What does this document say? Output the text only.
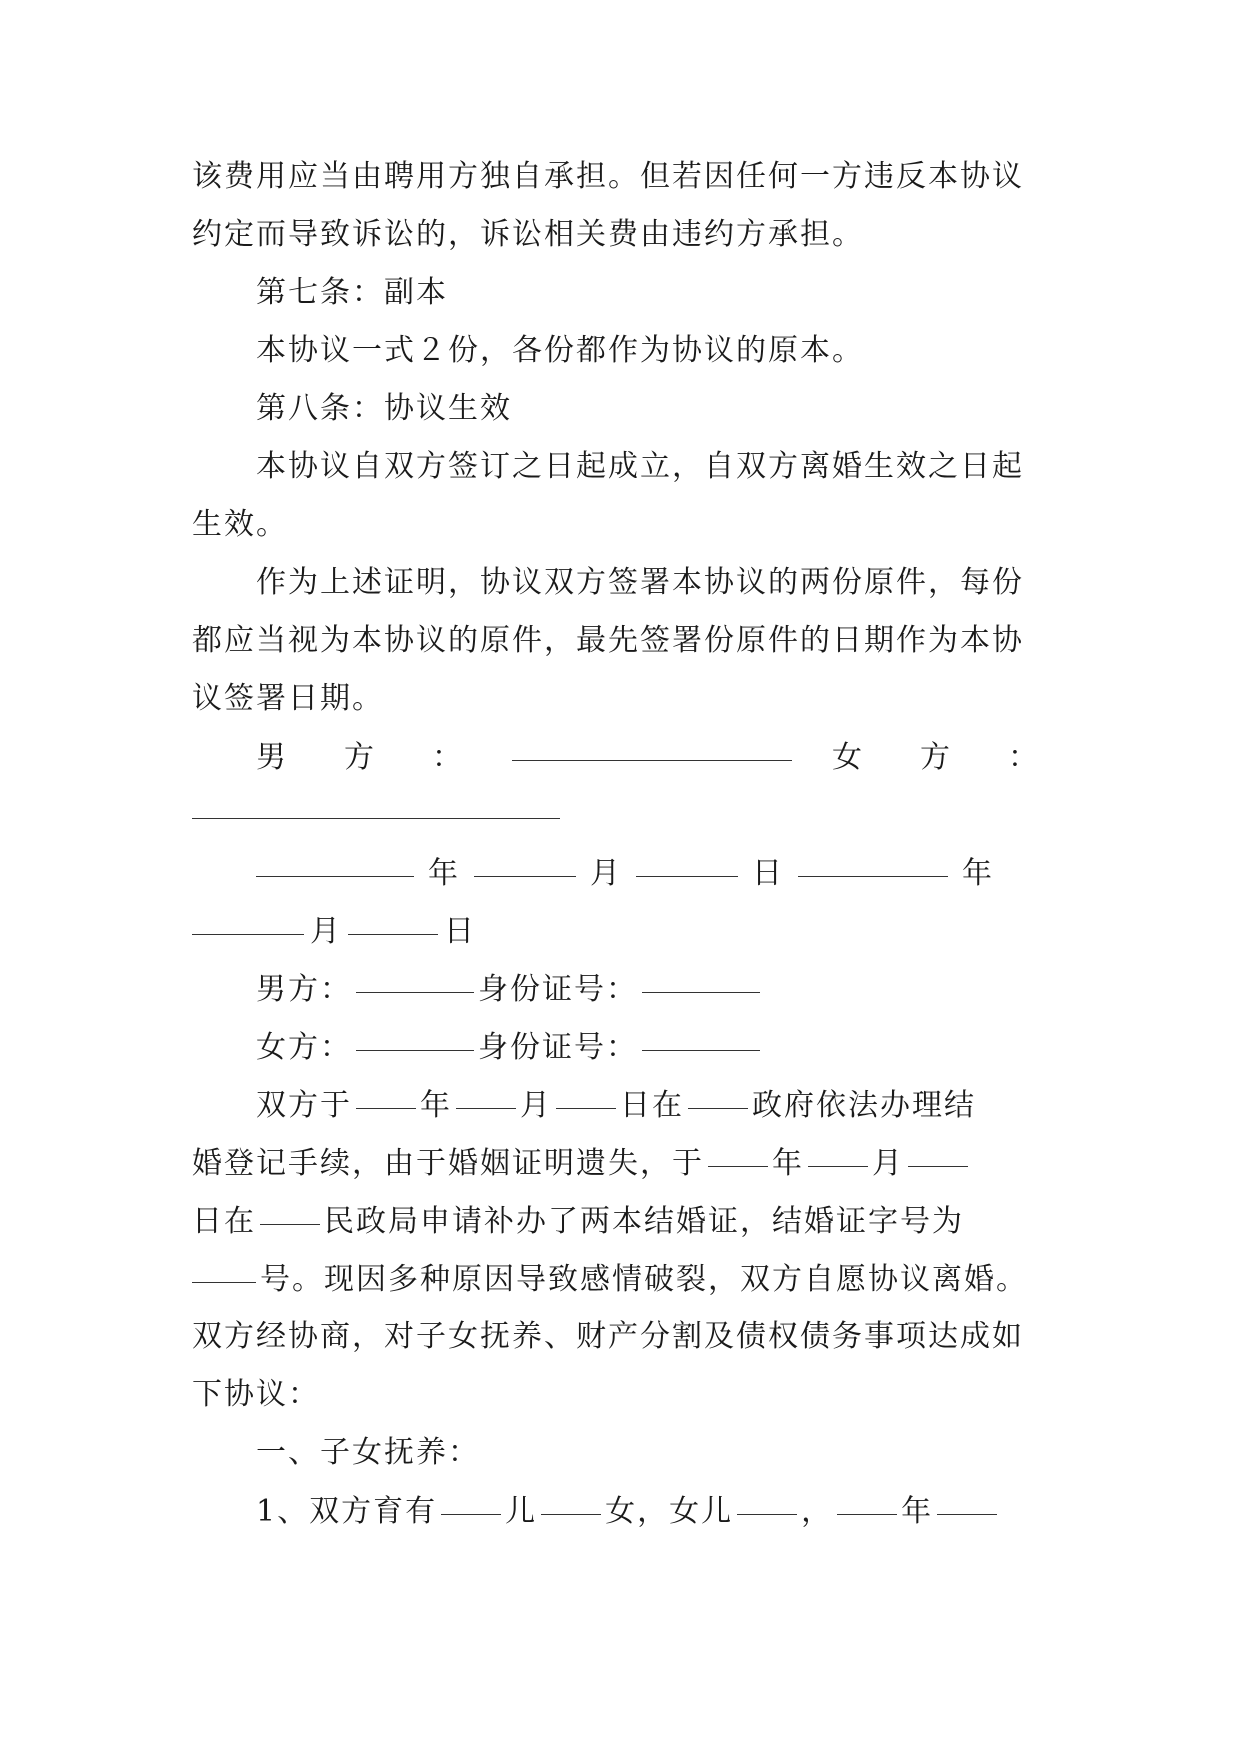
该费用应当由聘用方独自承担。但若因任何一方违反本协议
约定而导致诉讼的，诉讼相关费由违约方承担。
第七条：副本
本协议一式２份，各份都作为协议的原本。
第八条：协议生效
本协议自双方签订之日起成立，自双方离婚生效之日起
生效。
作为上述证明，协议双方签署本协议的两份原件，每份
都应当视为本协议的原件，最先签署份原件的日期作为本协
议签署日期。
男　方　：	女　方　：
年	月	日	年
月	日
男方：	身份证号：
女方：	身份证号：
双方于 年 月 日在 政府依法办理结
婚登记手续，由于婚姻证明遗失，于 年 月
日在 民政局申请补办了两本结婚证，结婚证字号为
号。现因多种原因导致感情破裂，双方自愿协议离婚。
双方经协商，对子女抚养、财产分割及债权债务事项达成如
下协议：
一、子女抚养：
1、双方育有 儿 女，女儿 ， 年
